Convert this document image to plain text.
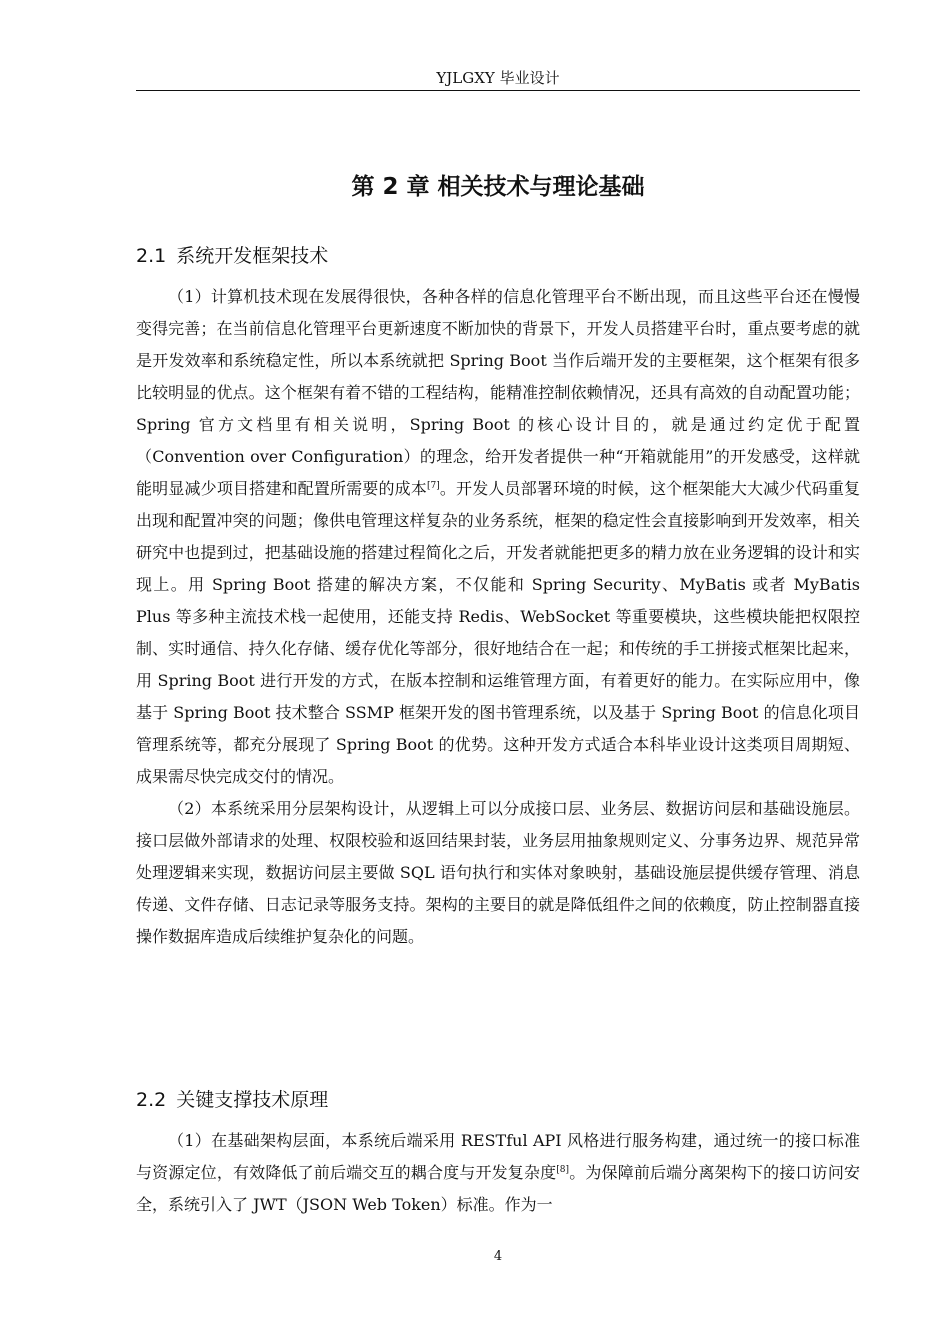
YJLGXY 毕业设计
第 2 章 相关技术与理论基础
2.1 系统开发框架技术

（1）计算机技术现在发展得很快，各种各样的信息化管理平台不断出现，而且这些平台还在慢慢变得完善；在当前信息化管理平台更新速度不断加快的背景下，开发人员搭建平台时，重点要考虑的就是开发效率和系统稳定性，所以本系统就把 Spring Boot 当作后端开发的主要框架，这个框架有很多比较明显的优点。这个框架有着不错的工程结构，能精准控制依赖情况，还具有高效的自动配置功能；Spring 官方文档里有相关说明，Spring Boot 的核心设计目的，就是通过约定优于配置（Convention over Configuration）的理念，给开发者提供一种“开箱就能用”的开发感受，这样就能明显减少项目搭建和配置所需要的成本[7]。开发人员部署环境的时候，这个框架能大大减少代码重复出现和配置冲突的问题；像供电管理这样复杂的业务系统，框架的稳定性会直接影响到开发效率，相关研究中也提到过，把基础设施的搭建过程简化之后，开发者就能把更多的精力放在业务逻辑的设计和实现上。用 Spring Boot 搭建的解决方案，不仅能和 Spring Security、MyBatis 或者 MyBatis Plus 等多种主流技术栈一起使用，还能支持 Redis、WebSocket 等重要模块，这些模块能把权限控制、实时通信、持久化存储、缓存优化等部分，很好地结合在一起；和传统的手工拼接式框架比起来，用 Spring Boot 进行开发的方式，在版本控制和运维管理方面，有着更好的能力。在实际应用中，像基于 Spring Boot 技术整合 SSMP 框架开发的图书管理系统，以及基于 Spring Boot 的信息化项目管理系统等，都充分展现了 Spring Boot 的优势。这种开发方式适合本科毕业设计这类项目周期短、成果需尽快完成交付的情况。

（2）本系统采用分层架构设计，从逻辑上可以分成接口层、业务层、数据访问层和基础设施层。接口层做外部请求的处理、权限校验和返回结果封装，业务层用抽象规则定义、分事务边界、规范异常处理逻辑来实现，数据访问层主要做 SQL 语句执行和实体对象映射，基础设施层提供缓存管理、消息传递、文件存储、日志记录等服务支持。架构的主要目的就是降低组件之间的依赖度，防止控制器直接操作数据库造成后续维护复杂化的问题。

2.2 关键支撑技术原理

（1）在基础架构层面，本系统后端采用 RESTful API 风格进行服务构建，通过统一的接口标准与资源定位，有效降低了前后端交互的耦合度与开发复杂度[8]。为保障前后端分离架构下的接口访问安全，系统引入了 JWT（JSON Web Token）标准。作为一

4
